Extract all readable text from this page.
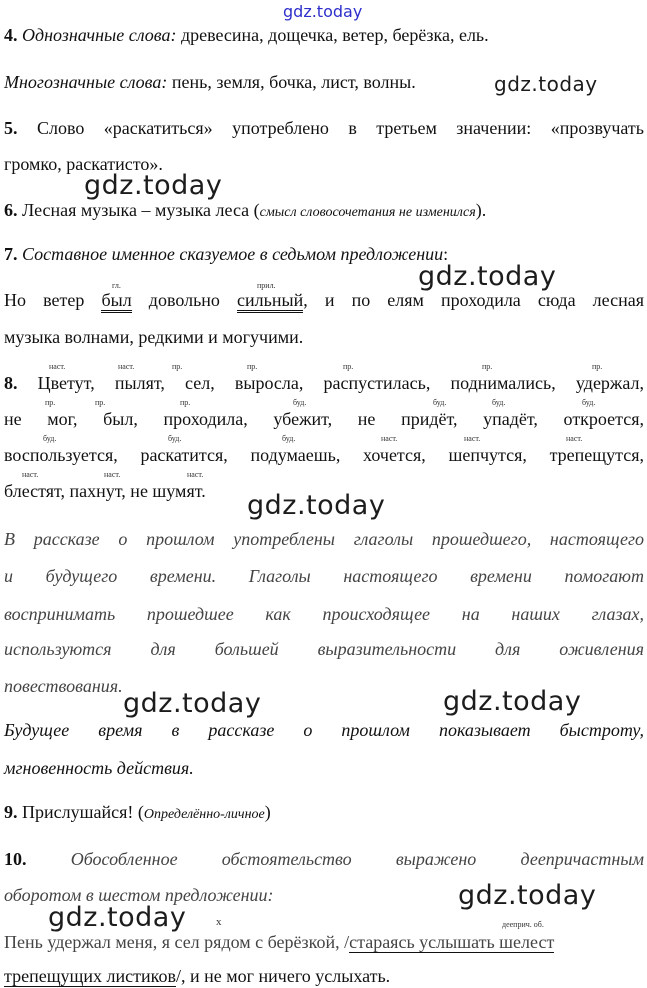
gdz.today
4. Однозначные слова: древесина, дощечка, ветер, берёзка, ель.
Многозначные слова: пень, земля, бочка, лист, волны.	gdz.today
5. Слово «раскатиться» употреблено в третьем значении: «прозвучать
громко, раскатисто».
gdz.today
6. Лесная музыка – музыка леса (смысл словосочетания не изменился).
7. Составное именное сказуемое в седьмом предложении:
gdz.today
гл.	прил.
Но ветер был довольно сильный, и по елям проходила сюда лесная
музыка волнами, редкими и могучими.
наст.	наст.	пр.	пр.	пр.	пр.	пр.
8. Цветут, пылят, сел, выросла, распустилась, поднимались, удержал,
пр.	пр.	пр.	буд.	буд.	буд.	буд.
не мог, был, проходила, убежит, не придёт, упадёт, откроется,
буд.	буд.	буд.	наст.	наст.	наст.
воспользуется, раскатится, подумаешь, хочется, шепчутся, трепещутся,
наст.	наст.	наст.
блестят, пахнут, не шумят.	gdz.today
В рассказе о прошлом употреблены глаголы прошедшего, настоящего
и будущего времени. Глаголы настоящего времени помогают
воспринимать прошедшее как происходящее на наших глазах,
используются для большей выразительности для оживления
повествования.
gdz.today	gdz.today
Будущее время в рассказе о прошлом показывает быстроту,
мгновенность действия.
9. Прислушайся! (Определённо-личное)
10. Обособленное обстоятельство выражено деепричастным
оборотом в шестом предложении:	gdz.today
gdz.today	x	дееприч. об.
Пень удержал меня, я сел рядом с берёзкой, /стараясь услышать шелест
трепещущих листиков/, и не мог ничего услыхать.
